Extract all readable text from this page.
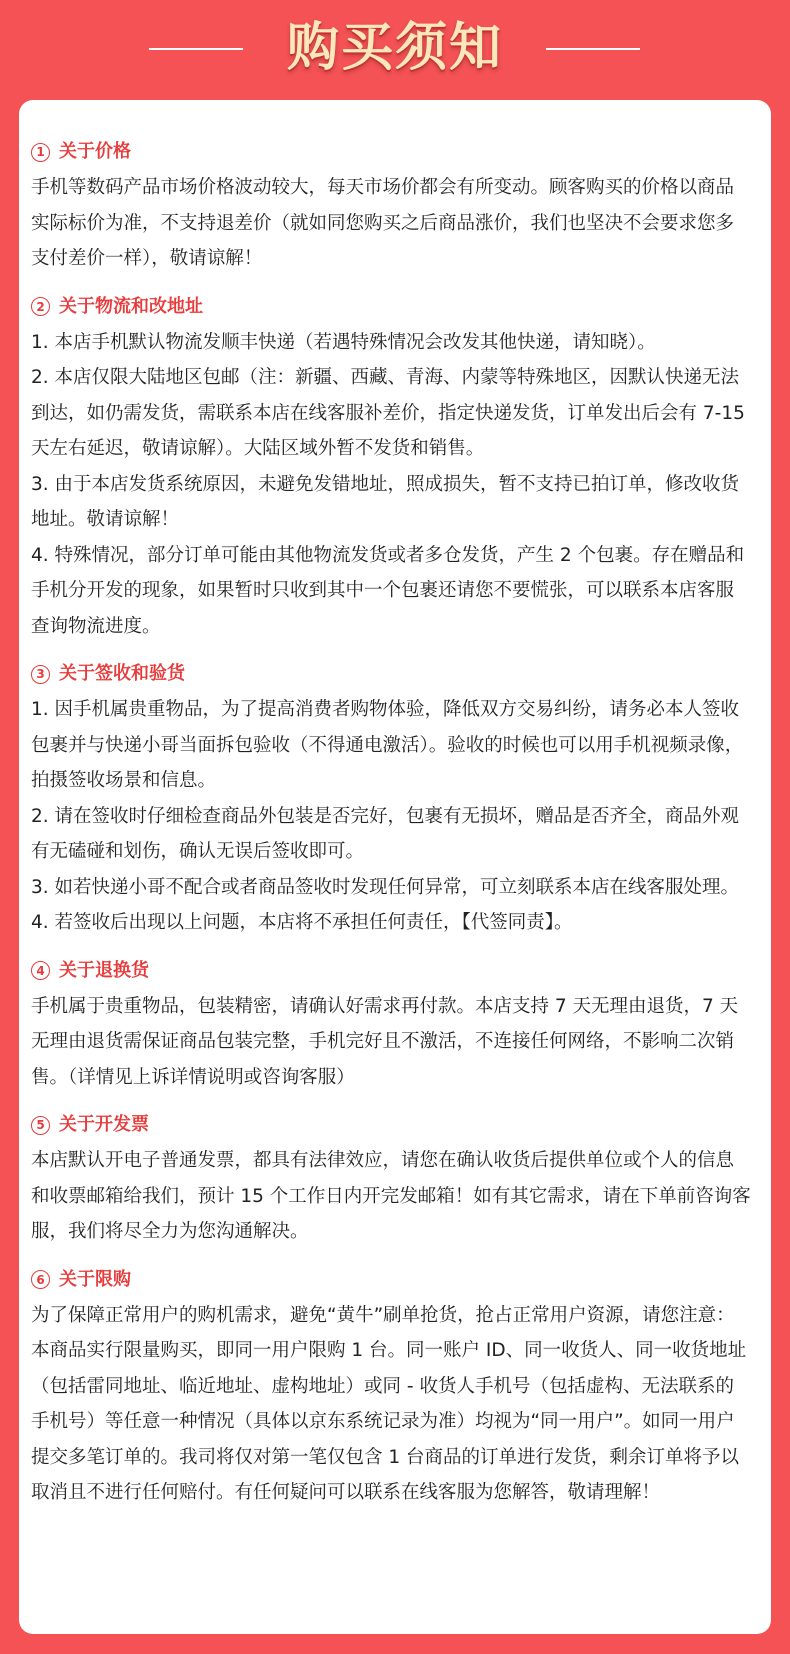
购买须知
1 关于价格

手机等数码产品市场价格波动较大，每天市场价都会有所变动。顾客购买的价格以商品实际标价为准，不支持退差价（就如同您购买之后商品涨价，我们也坚决不会要求您多支付差价一样），敬请谅解！

2 关于物流和改地址

1. 本店手机默认物流发顺丰快递（若遇特殊情况会改发其他快递，请知晓）。

2. 本店仅限大陆地区包邮（注：新疆、西藏、青海、内蒙等特殊地区，因默认快递无法到达，如仍需发货，需联系本店在线客服补差价，指定快递发货，订单发出后会有 7-15 天左右延迟，敬请谅解）。大陆区域外暂不发货和销售。

3. 由于本店发货系统原因，未避免发错地址，照成损失，暂不支持已拍订单，修改收货地址。敬请谅解！

4. 特殊情况，部分订单可能由其他物流发货或者多仓发货，产生 2 个包裹。存在赠品和手机分开发的现象，如果暂时只收到其中一个包裹还请您不要慌张，可以联系本店客服查询物流进度。

3 关于签收和验货

1. 因手机属贵重物品，为了提高消费者购物体验，降低双方交易纠纷，请务必本人签收包裹并与快递小哥当面拆包验收（不得通电激活）。验收的时候也可以用手机视频录像，拍摄签收场景和信息。

2. 请在签收时仔细检查商品外包装是否完好，包裹有无损坏，赠品是否齐全，商品外观有无磕碰和划伤，确认无误后签收即可。

3. 如若快递小哥不配合或者商品签收时发现任何异常，可立刻联系本店在线客服处理。

4. 若签收后出现以上问题，本店将不承担任何责任，【代签同责】。

4 关于退换货

手机属于贵重物品，包装精密，请确认好需求再付款。本店支持 7 天无理由退货，7 天无理由退货需保证商品包装完整，手机完好且不激活，不连接任何网络，不影响二次销售。（详情见上诉详情说明或咨询客服）

5 关于开发票

本店默认开电子普通发票，都具有法律效应，请您在确认收货后提供单位或个人的信息和收票邮箱给我们，预计 15 个工作日内开完发邮箱！如有其它需求，请在下单前咨询客服，我们将尽全力为您沟通解决。

6 关于限购

为了保障正常用户的购机需求，避免“黄牛”刷单抢货，抢占正常用户资源，请您注意：本商品实行限量购买，即同一用户限购 1 台。同一账户 ID、同一收货人、同一收货地址（包括雷同地址、临近地址、虚构地址）或同 - 收货人手机号（包括虚构、无法联系的手机号）等任意一种情况（具体以京东系统记录为准）均视为“同一用户”。如同一用户提交多笔订单的。我司将仅对第一笔仅包含 1 台商品的订单进行发货，剩余订单将予以取消且不进行任何赔付。有任何疑问可以联系在线客服为您解答，敬请理解！
